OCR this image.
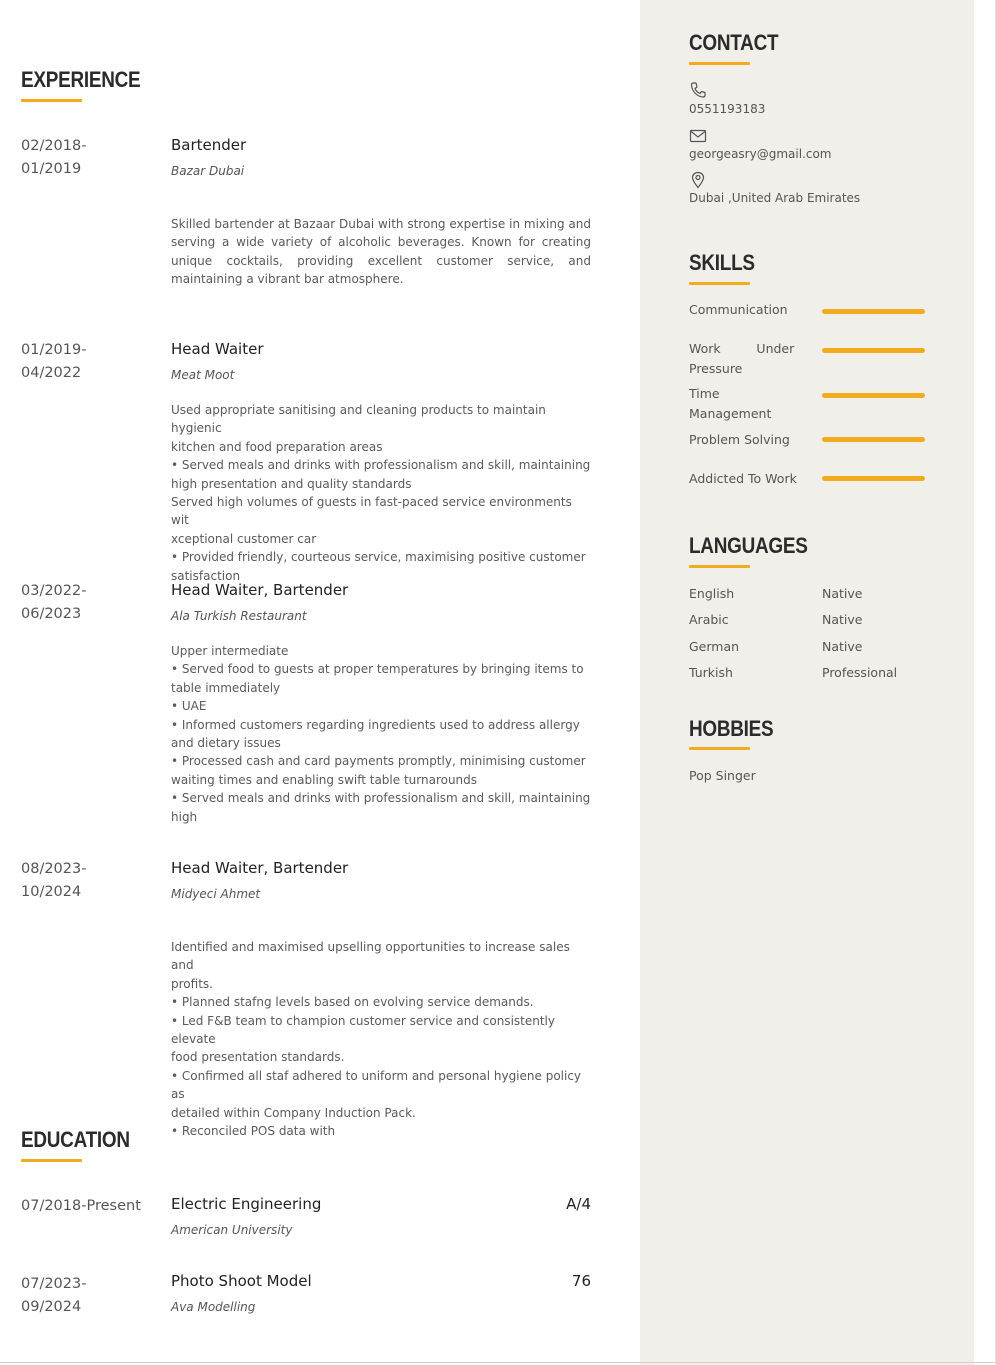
EXPERIENCE
02/2018-
01/2019
Bartender
Bazar Dubai
Skilled bartender at Bazaar Dubai with strong expertise in mixing and serving a wide variety of alcoholic beverages. Known for creating unique cocktails, providing excellent customer service, and maintaining a vibrant bar atmosphere.
01/2019-
04/2022
Head Waiter
Meat Moot
Used appropriate sanitising and cleaning products to maintain hygienic
kitchen and food preparation areas
• Served meals and drinks with professionalism and skill, maintaining
high presentation and quality standards
Served high volumes of guests in fast-paced service environments wit
xceptional customer car
• Provided friendly, courteous service, maximising positive customer
satisfaction
03/2022-
06/2023
Head Waiter, Bartender
Ala Turkish Restaurant
Upper intermediate
• Served food to guests at proper temperatures by bringing items to
table immediately
• UAE
• Informed customers regarding ingredients used to address allergy
and dietary issues
• Processed cash and card payments promptly, minimising customer
waiting times and enabling swift table turnarounds
• Served meals and drinks with professionalism and skill, maintaining
high
08/2023-
10/2024
Head Waiter, Bartender
Midyeci Ahmet
Identified and maximised upselling opportunities to increase sales and
profits.
• Planned stafng levels based on evolving service demands.
• Led F&B team to champion customer service and consistently elevate
food presentation standards.
• Confirmed all staf adhered to uniform and personal hygiene policy as
detailed within Company Induction Pack.
• Reconciled POS data with
EDUCATION
07/2018-Present	Electric Engineering
American University
A/4
07/2023-
09/2024
Photo Shoot Model
Ava Modelling
76
CONTACT
0551193183
georgeasry@gmail.com
Dubai ,United Arab Emirates
SKILLS
Communication
Work         Under
Pressure
Time
Management
Problem Solving
Addicted To Work
LANGUAGES
English	Native
Arabic	Native
German	Native
Turkish	Professional
HOBBIES
Pop Singer
